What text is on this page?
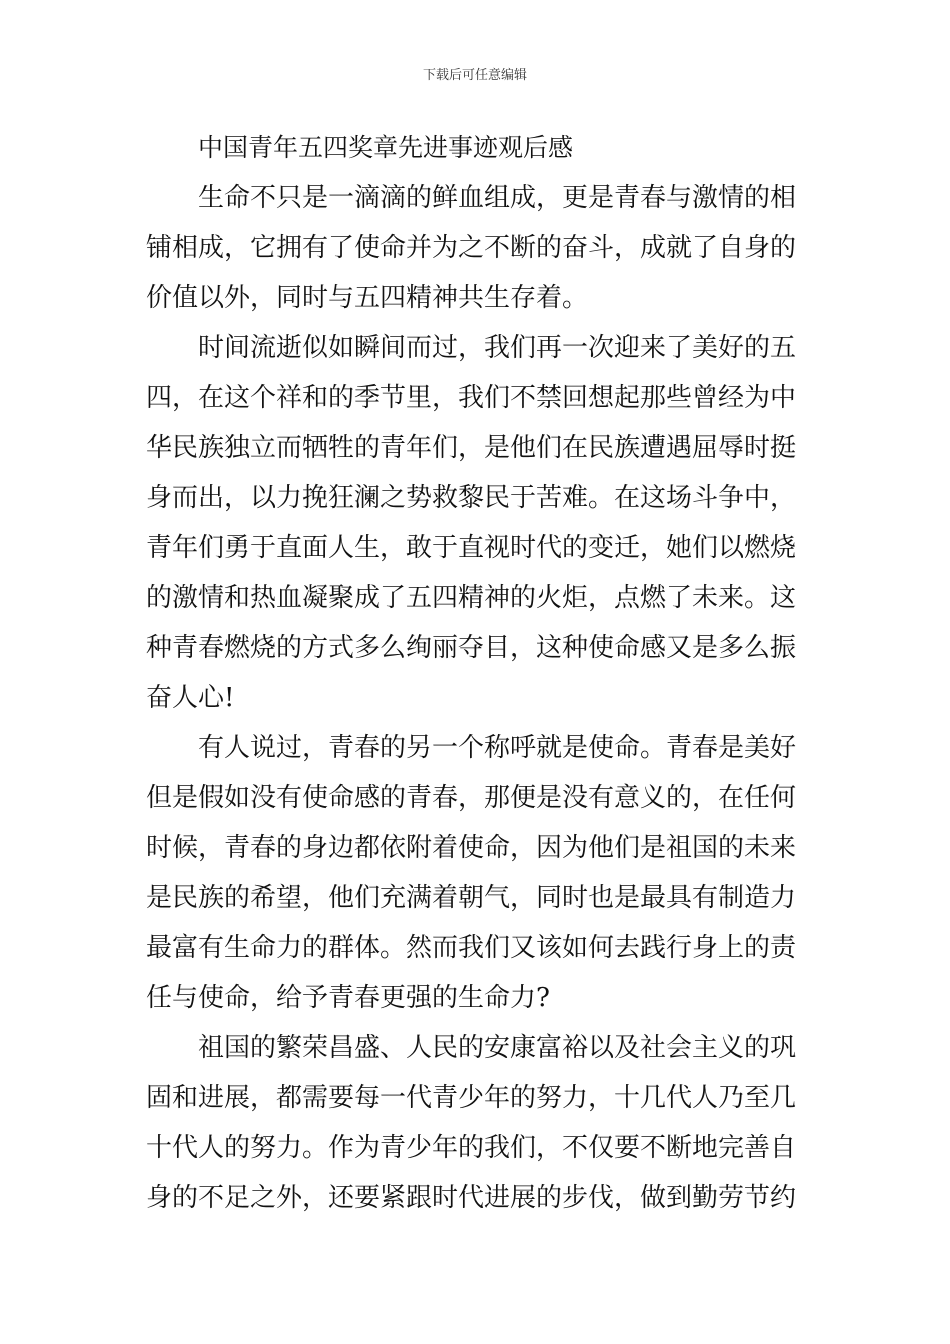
下载后可任意编辑
中国青年五四奖章先进事迹观后感
生命不只是一滴滴的鲜血组成，更是青春与激情的相
铺相成，它拥有了使命并为之不断的奋斗，成就了自身的
价值以外，同时与五四精神共生存着。
时间流逝似如瞬间而过，我们再一次迎来了美好的五
四，在这个祥和的季节里，我们不禁回想起那些曾经为中
华民族独立而牺牲的青年们，是他们在民族遭遇屈辱时挺
身而出，以力挽狂澜之势救黎民于苦难。在这场斗争中，
青年们勇于直面人生，敢于直视时代的变迁，她们以燃烧
的激情和热血凝聚成了五四精神的火炬，点燃了未来。这
种青春燃烧的方式多么绚丽夺目，这种使命感又是多么振
奋人心!
有人说过，青春的另一个称呼就是使命。青春是美好
但是假如没有使命感的青春，那便是没有意义的，在任何
时候，青春的身边都依附着使命，因为他们是祖国的未来
是民族的希望，他们充满着朝气，同时也是最具有制造力
最富有生命力的群体。然而我们又该如何去践行身上的责
任与使命，给予青春更强的生命力?
祖国的繁荣昌盛、人民的安康富裕以及社会主义的巩
固和进展，都需要每一代青少年的努力，十几代人乃至几
十代人的努力。作为青少年的我们，不仅要不断地完善自
身的不足之外，还要紧跟时代进展的步伐，做到勤劳节约
